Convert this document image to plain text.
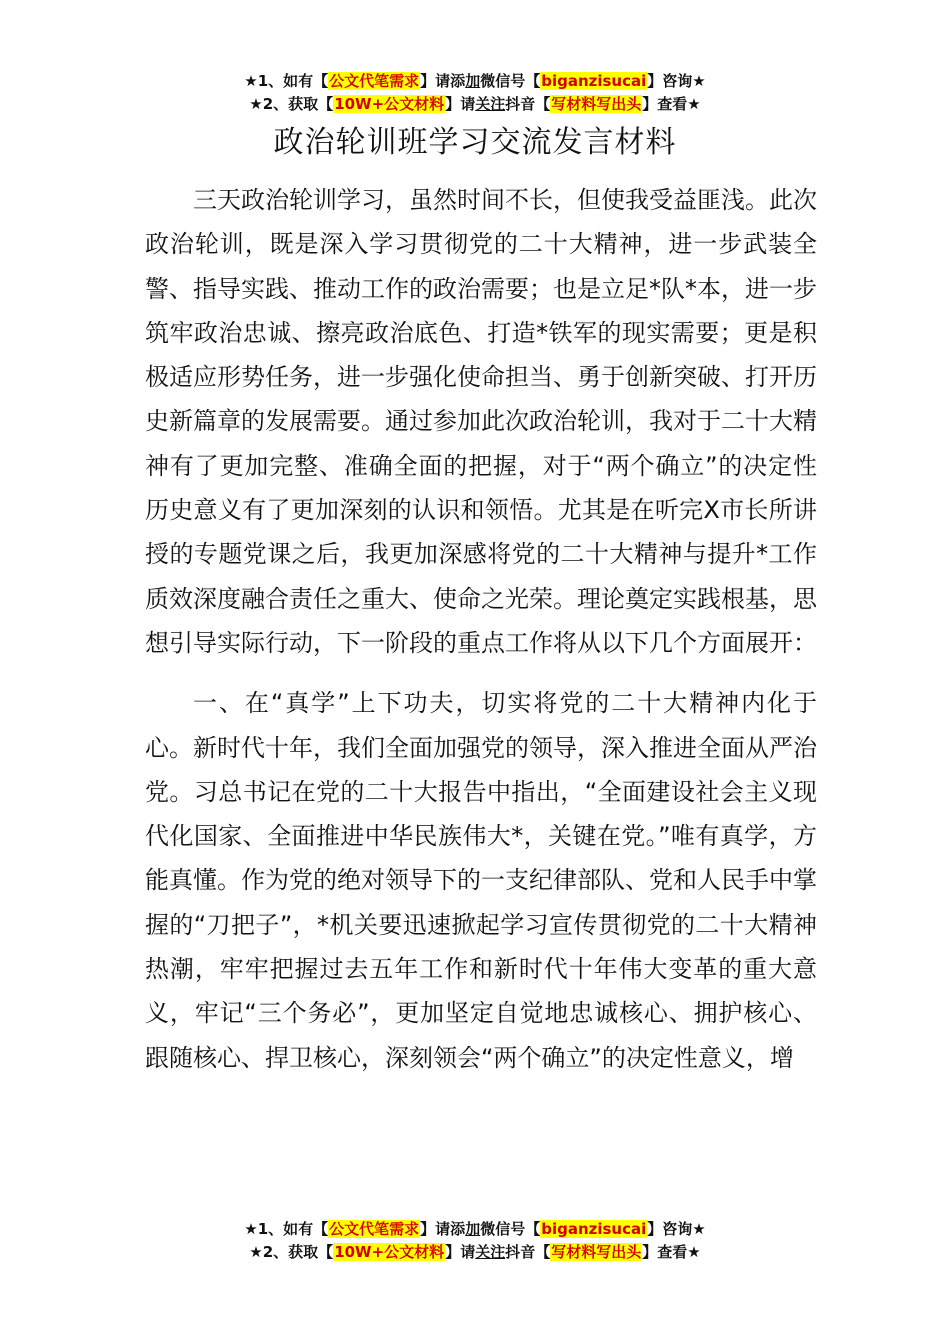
★1、如有【公文代笔需求】请添加微信号【biganzisucai】咨询★
★2、获取【10W+公文材料】请关注抖音【写材料写出头】查看★
政治轮训班学习交流发言材料

三天政治轮训学习，虽然时间不长，但使我受益匪浅。此次政治轮训，既是深入学习贯彻党的二十大精神，进一步武装全警、指导实践、推动工作的政治需要；也是立足*队*本，进一步筑牢政治忠诚、擦亮政治底色、打造*铁军的现实需要；更是积极适应形势任务，进一步强化使命担当、勇于创新突破、打开历史新篇章的发展需要。通过参加此次政治轮训，我对于二十大精神有了更加完整、准确全面的把握，对于“两个确立”的决定性历史意义有了更加深刻的认识和领悟。尤其是在听完X市长所讲授的专题党课之后，我更加深感将党的二十大精神与提升*工作质效深度融合责任之重大、使命之光荣。理论奠定实践根基，思想引导实际行动，下一阶段的重点工作将从以下几个方面展开：

一、在“真学”上下功夫，切实将党的二十大精神内化于心。新时代十年，我们全面加强党的领导，深入推进全面从严治党。习总书记在党的二十大报告中指出，“全面建设社会主义现代化国家、全面推进中华民族伟大*，关键在党。”唯有真学，方能真懂。作为党的绝对领导下的一支纪律部队、党和人民手中掌握的“刀把子”，*机关要迅速掀起学习宣传贯彻党的二十大精神热潮，牢牢把握过去五年工作和新时代十年伟大变革的重大意义，牢记“三个务必”，更加坚定自觉地忠诚核心、拥护核心、跟随核心、捍卫核心，深刻领会“两个确立”的决定性意义，增

★1、如有【公文代笔需求】请添加微信号【biganzisucai】咨询★
★2、获取【10W+公文材料】请关注抖音【写材料写出头】查看★
